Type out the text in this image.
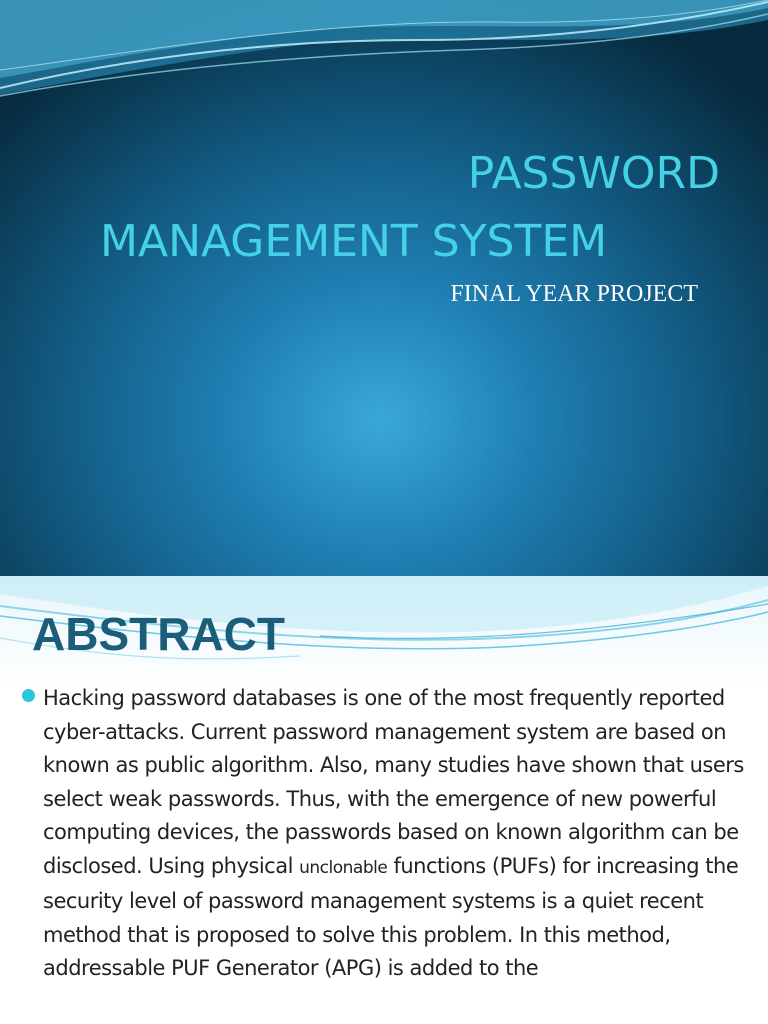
PASSWORD
MANAGEMENT SYSTEM

FINAL YEAR PROJECT

ABSTRACT

Hacking password databases is one of the most frequently reported cyber-attacks. Current password management system are based on known as public algorithm. Also, many studies have shown that users select weak passwords. Thus, with the emergence of new powerful computing devices, the passwords based on known algorithm can be disclosed. Using physical unclonable functions (PUFs) for increasing the security level of password management systems is a quiet recent method that is proposed to solve this problem. In this method, addressable PUF Generator (APG) is added to the
